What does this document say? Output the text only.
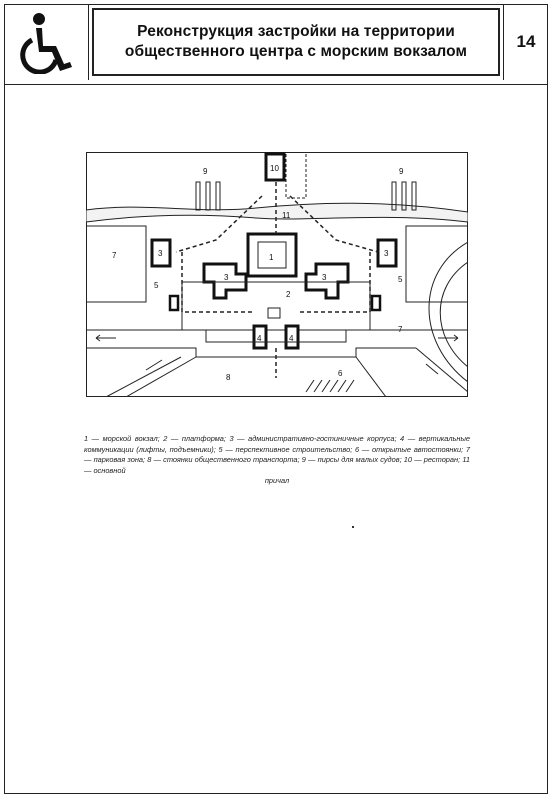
Реконструкция застройки на территории
общественного центра с морским вокзалом
14
9	9
10
11
1
3	3
3	3
2
4	4
7
7
5
5
8	6
1 — морской вокзал; 2 — платформа; 3 — административно-гостиничные корпуса; 4 — вертикальные коммуникации (лифты, подъемники); 5 — перспективное строительство; 6 — открытые автостоянки; 7 — парковая зона; 8 — стоянки общественного транспорта; 9 — пирсы для малых судов; 10 — ресторан; 11 — основной
причал
